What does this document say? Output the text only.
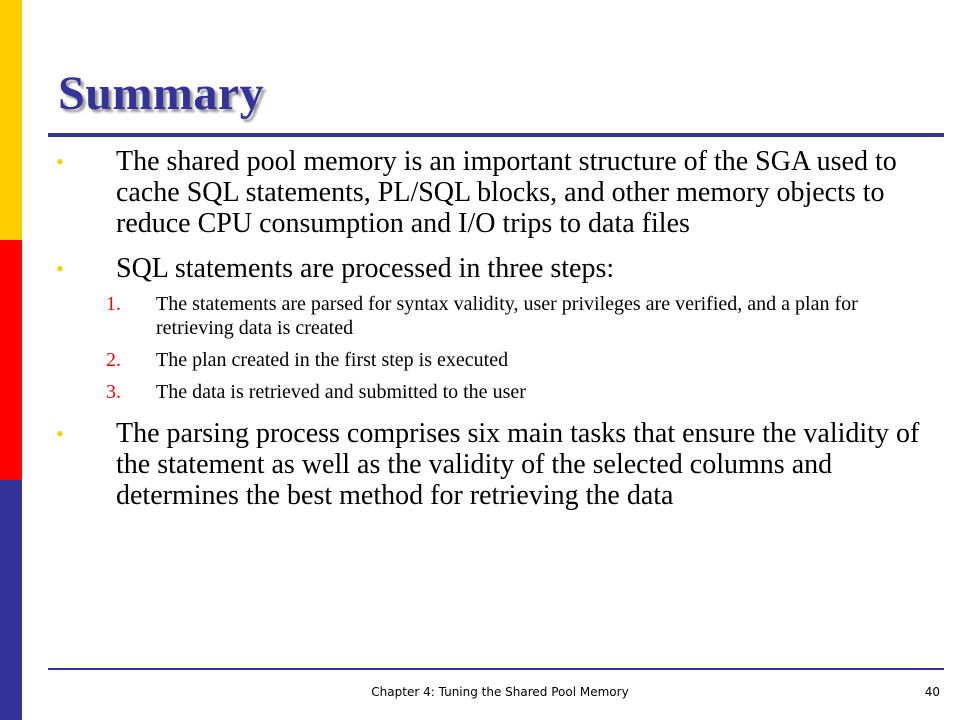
Summary
• The shared pool memory is an important structure of the SGA used to cache SQL statements, PL/SQL blocks, and other memory objects to reduce CPU consumption and I/O trips to data files
• SQL statements are processed in three steps:
1. The statements are parsed for syntax validity, user privileges are verified, and a plan for retrieving data is created
2. The plan created in the first step is executed
3. The data is retrieved and submitted to the user
• The parsing process comprises six main tasks that ensure the validity of the statement as well as the validity of the selected columns and determines the best method for retrieving the data
Chapter 4: Tuning the Shared Pool Memory	40
